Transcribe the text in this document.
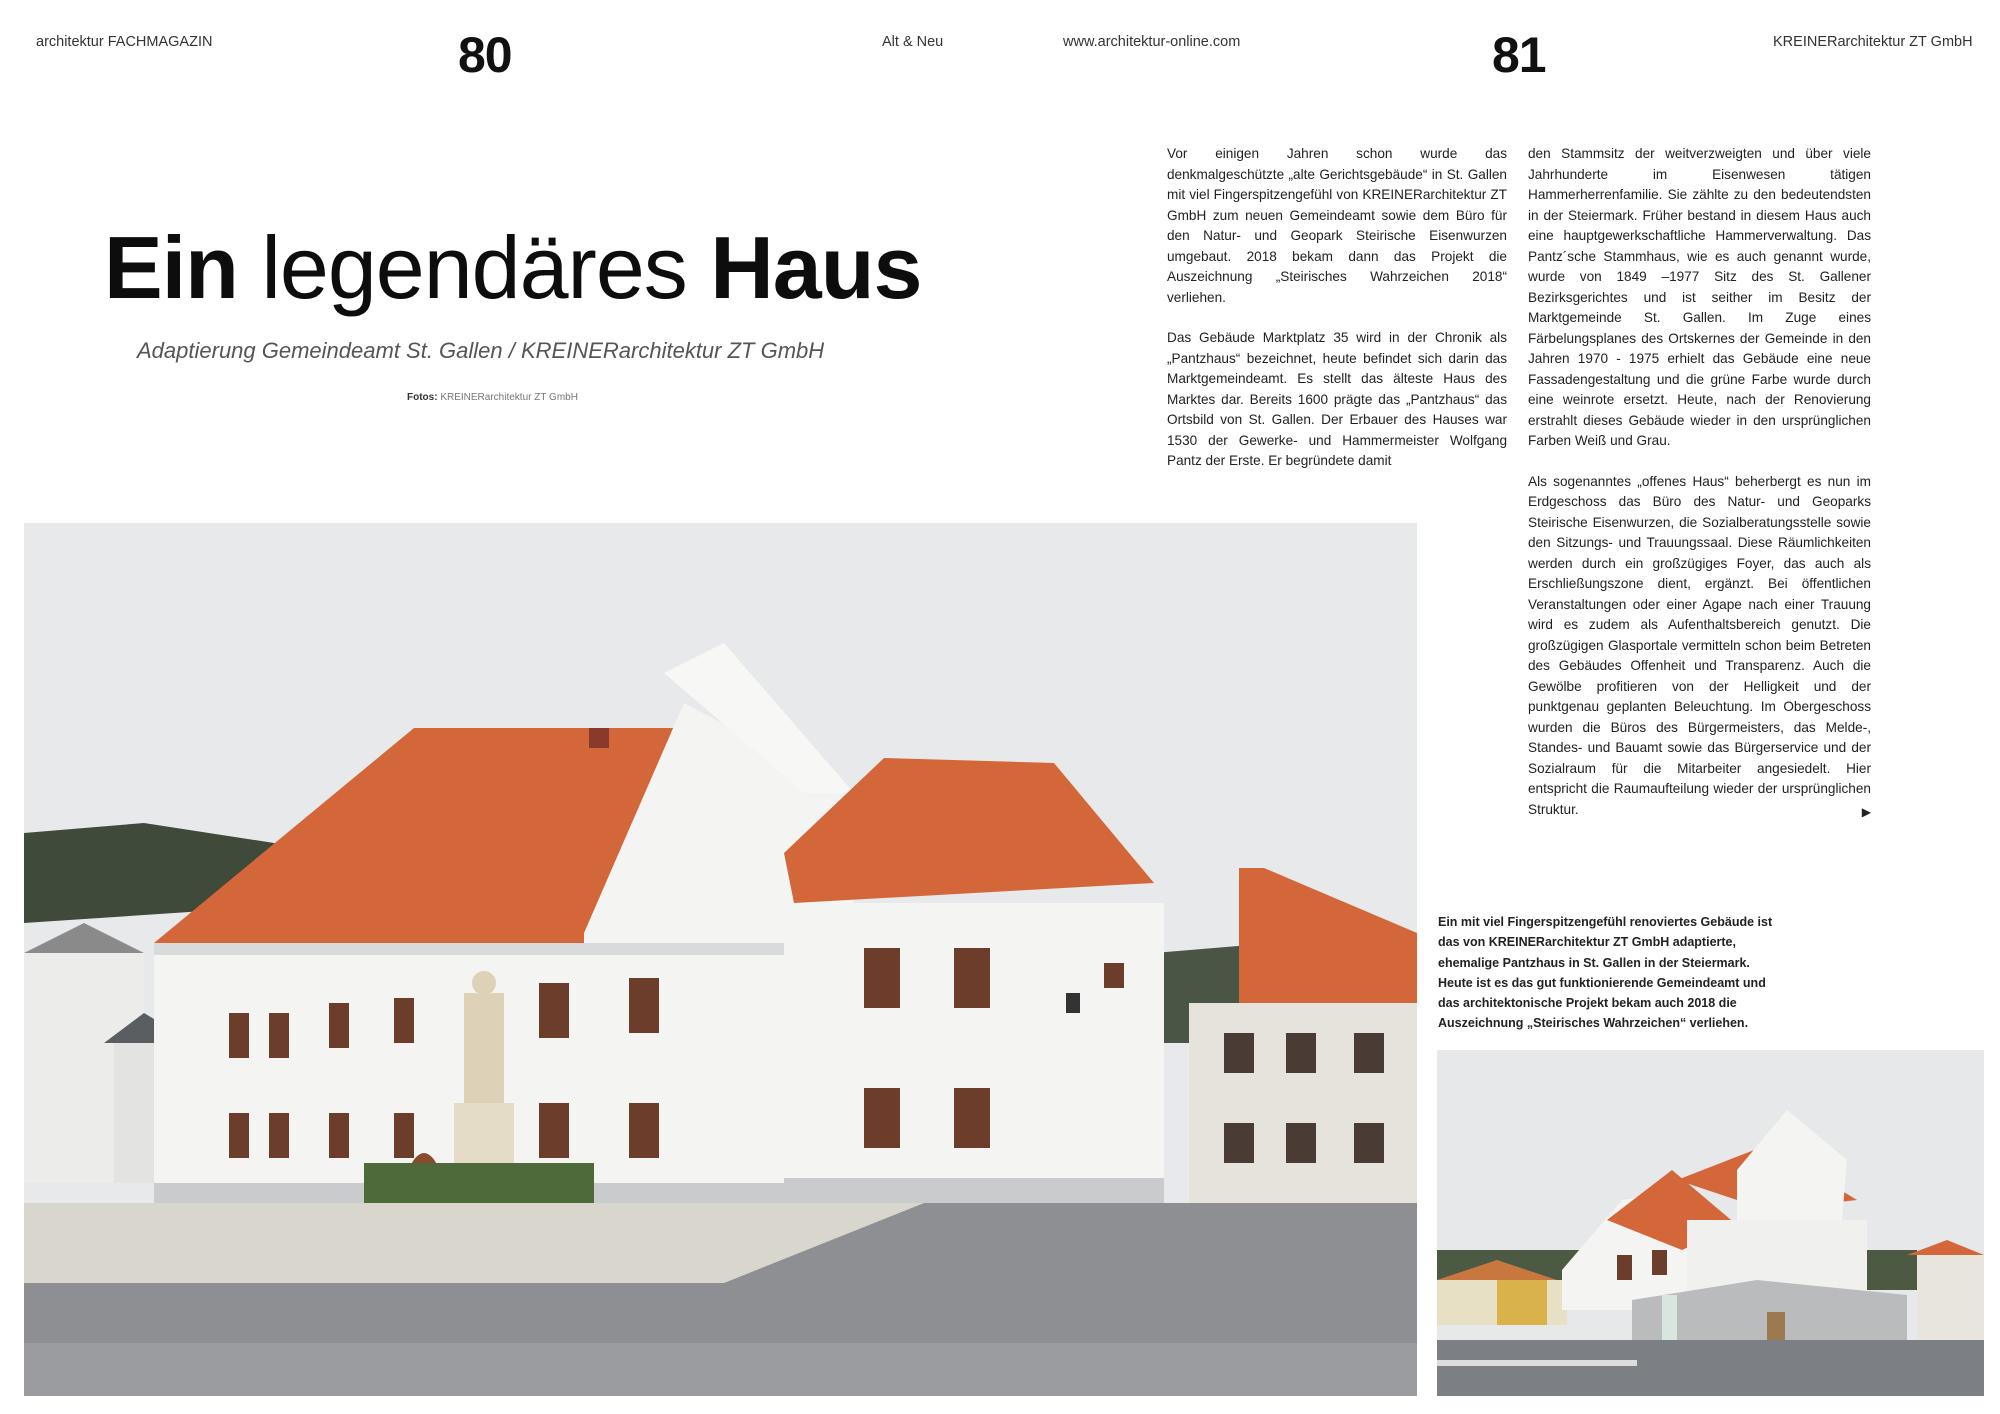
architektur FACHMAGAZIN	80	Alt & Neu	www.architektur-online.com	81	KREINERarchitektur ZT GmbH
Ein legendäres Haus
Adaptierung Gemeindeamt St. Gallen / KREINERarchitektur ZT GmbH
Fotos: KREINERarchitektur ZT GmbH

Vor einigen Jahren schon wurde das denkmalgeschützte „alte Gerichtsgebäude“ in St. Gallen mit viel Fingerspitzengefühl von KREINERarchitektur ZT GmbH zum neuen Gemeindeamt sowie dem Büro für den Natur- und Geopark Steirische Eisenwurzen umgebaut. 2018 bekam dann das Projekt die Auszeichnung „Steirisches Wahrzeichen 2018“ verliehen.

Das Gebäude Marktplatz 35 wird in der Chronik als „Pantzhaus“ bezeichnet, heute befindet sich darin das Marktgemeindeamt. Es stellt das älteste Haus des Marktes dar. Bereits 1600 prägte das „Pantzhaus“ das Ortsbild von St. Gallen. Der Erbauer des Hauses war 1530 der Gewerke- und Hammermeister Wolfgang Pantz der Erste. Er begründete damit

den Stammsitz der weitverzweigten und über viele Jahrhunderte im Eisenwesen tätigen Hammerherrenfamilie. Sie zählte zu den bedeutendsten in der Steiermark. Früher bestand in diesem Haus auch eine hauptgewerkschaftliche Hammerverwaltung. Das Pantz´sche Stammhaus, wie es auch genannt wurde, wurde von 1849 –1977 Sitz des St. Gallener Bezirksgerichtes und ist seither im Besitz der Marktgemeinde St. Gallen. Im Zuge eines Färbelungsplanes des Ortskernes der Gemeinde in den Jahren 1970 - 1975 erhielt das Gebäude eine neue Fassadengestaltung und die grüne Farbe wurde durch eine weinrote ersetzt. Heute, nach der Renovierung erstrahlt dieses Gebäude wieder in den ursprünglichen Farben Weiß und Grau.

Als sogenanntes „offenes Haus“ beherbergt es nun im Erdgeschoss das Büro des Natur- und Geoparks Steirische Eisenwurzen, die Sozialberatungsstelle sowie den Sitzungs- und Trauungssaal. Diese Räumlichkeiten werden durch ein großzügiges Foyer, das auch als Erschließungszone dient, ergänzt. Bei öffentlichen Veranstaltungen oder einer Agape nach einer Trauung wird es zudem als Aufenthaltsbereich genutzt. Die großzügigen Glasportale vermitteln schon beim Betreten des Gebäudes Offenheit und Transparenz. Auch die Gewölbe profitieren von der Helligkeit und der punktgenau geplanten Beleuchtung. Im Obergeschoss wurden die Büros des Bürgermeisters, das Melde-, Standes- und Bauamt sowie das Bürgerservice und der Sozialraum für die Mitarbeiter angesiedelt. Hier entspricht die Raumaufteilung wieder der ursprünglichen Struktur.	▶

Ein mit viel Fingerspitzengefühl renoviertes Gebäude ist das von KREINERarchitektur ZT GmbH adaptierte, ehemalige Pantzhaus in St. Gallen in der Steiermark. Heute ist es das gut funktionierende Gemeindeamt und das architektonische Projekt bekam auch 2018 die Auszeichnung „Steirisches Wahrzeichen“ verliehen.
